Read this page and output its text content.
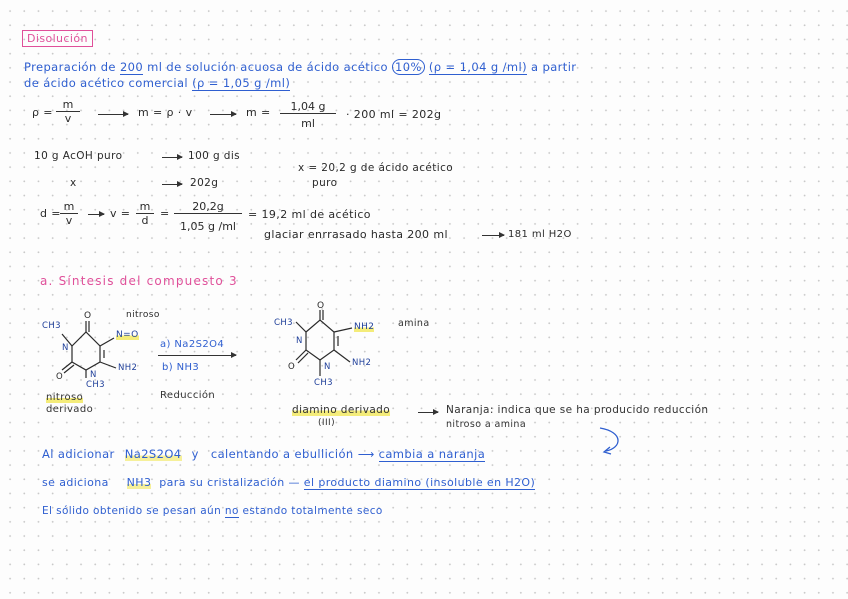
Disolución
Preparación de 200 ml de solución acuosa de ácido acético 10% (ρ = 1,04 g /ml) a partir
de ácido acético comercial (ρ = 1,05 g /ml)
$\rho = \frac{m}{v}$	m = ρ · v	$m = \frac{1,04 g}{ml} \cdot 200$ ml = 202g
10 g AcOH puro	100 g dis
x	202g
x = 20,2 g de ácido acético
puro
$d = \frac{m}{v}$	$v = \frac{m}{d} = \frac{20,2g}{1,05 g /ml} = 19,2$ ml de acético
glaciar enrrasado hasta 200 ml	181 ml H2O
a. Síntesis del compuesto 3
nitroso
CH3
O
N=O
N
N
NH2
O
CH3
nitroso
derivado
a) Na2S2O4
b) NH3
Reducción
CH3
O
NH2 amina
N
N NH2
O
CH3
diamino derivado
(III)
Naranja: indica que se ha producido reducción
nitroso a amina
Al adicionar Na2S2O4 y calentando a ebullición ⟶ cambia a naranja
se adiciona NH3 para su cristalización — el producto diamino (insoluble en H2O)
El sólido obtenido se pesan aún no estando totalmente seco
